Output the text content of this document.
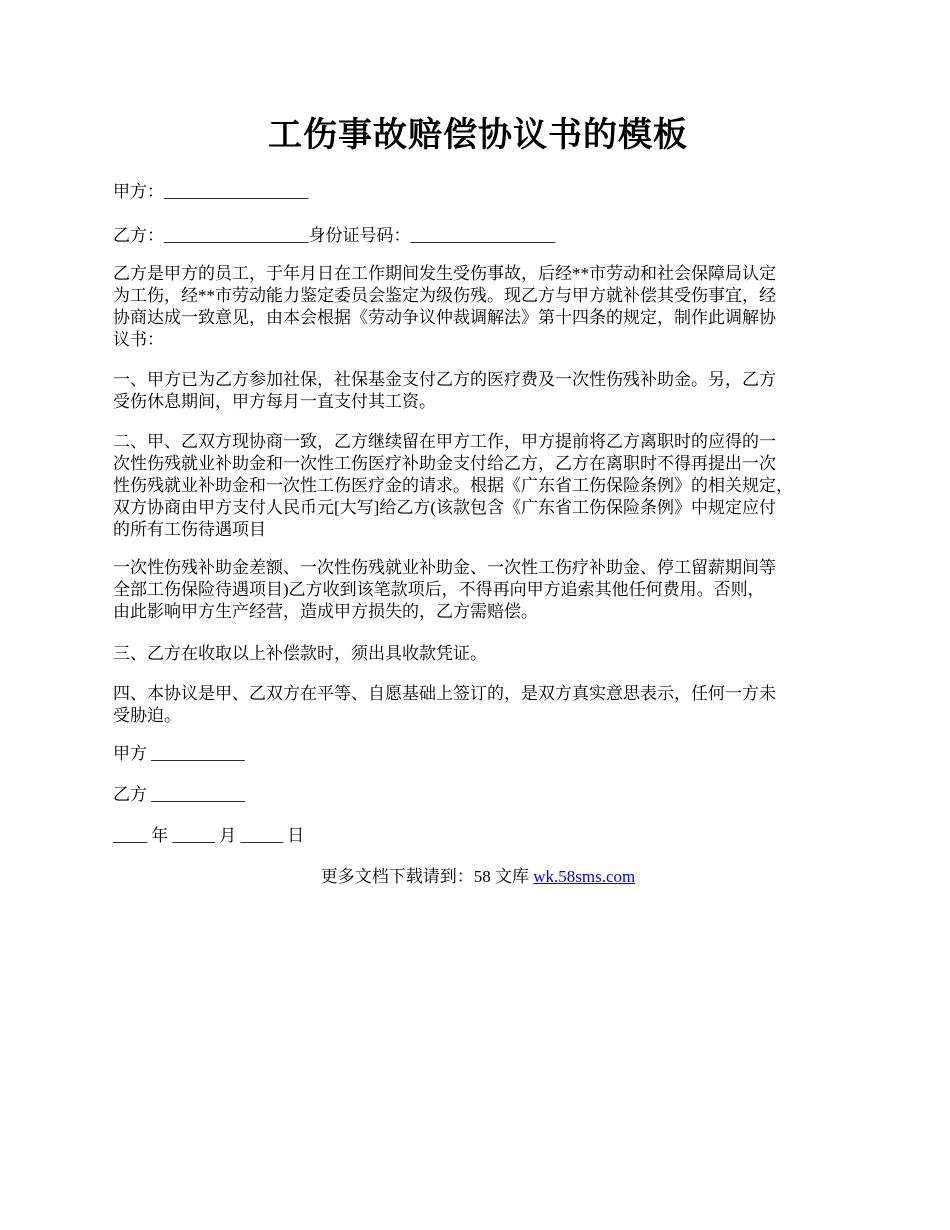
工伤事故赔偿协议书的模板
甲方：_________________
乙方：_________________身份证号码：_________________
乙方是甲方的员工，于年月日在工作期间发生受伤事故，后经**市劳动和社会保障局认定
为工伤，经**市劳动能力鉴定委员会鉴定为级伤残。现乙方与甲方就补偿其受伤事宜，经
协商达成一致意见，由本会根据《劳动争议仲裁调解法》第十四条的规定，制作此调解协
议书：
一、甲方已为乙方参加社保，社保基金支付乙方的医疗费及一次性伤残补助金。另，乙方
受伤休息期间，甲方每月一直支付其工资。
二、甲、乙双方现协商一致，乙方继续留在甲方工作，甲方提前将乙方离职时的应得的一
次性伤残就业补助金和一次性工伤医疗补助金支付给乙方，乙方在离职时不得再提出一次
性伤残就业补助金和一次性工伤医疗金的请求。根据《广东省工伤保险条例》的相关规定，
双方协商由甲方支付人民币元[大写]给乙方(该款包含《广东省工伤保险条例》中规定应付
的所有工伤待遇项目
一次性伤残补助金差额、一次性伤残就业补助金、一次性工伤疗补助金、停工留薪期间等
全部工伤保险待遇项目)乙方收到该笔款项后，不得再向甲方追索其他任何费用。否则，
由此影响甲方生产经营，造成甲方损失的，乙方需赔偿。
三、乙方在收取以上补偿款时，须出具收款凭证。
四、本协议是甲、乙双方在平等、自愿基础上签订的，是双方真实意思表示，任何一方未
受胁迫。
甲方 ___________
乙方 ___________
____ 年 _____ 月 _____ 日
更多文档下载请到：58 文库 wk.58sms.com
